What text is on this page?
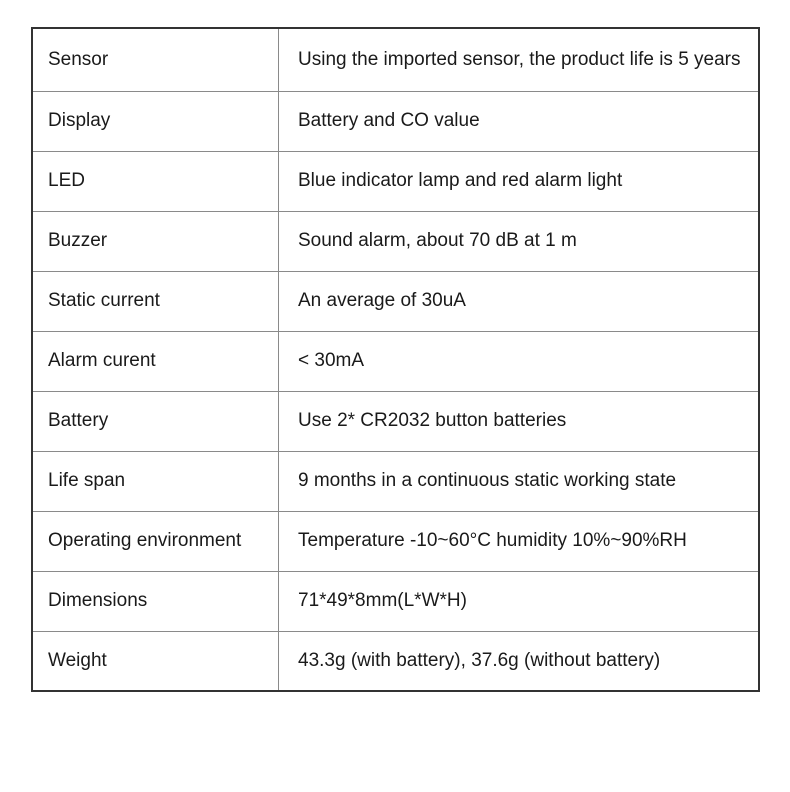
Sensor	Using the imported sensor, the product life is 5 years
Display	Battery and CO value
LED	Blue indicator lamp and red alarm light
Buzzer	Sound alarm, about 70 dB at 1 m
Static current	An average of 30uA
Alarm curent	< 30mA
Battery	Use 2* CR2032 button batteries
Life span	9 months in a continuous static working state
Operating environment	Temperature -10~60°C humidity 10%~90%RH
Dimensions	71*49*8mm(L*W*H)
Weight	43.3g (with battery), 37.6g (without battery)
